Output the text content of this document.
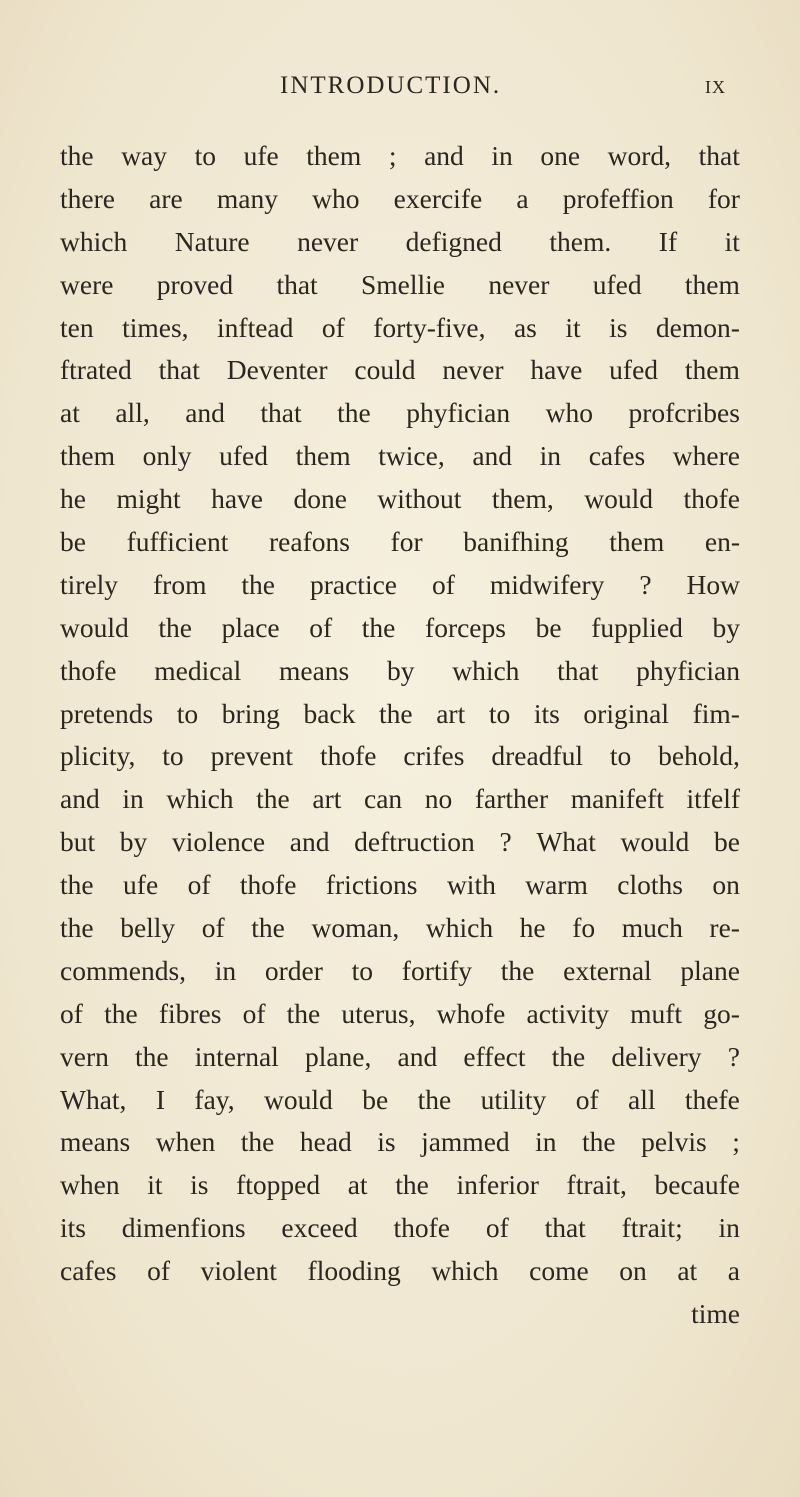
INTRODUCTION.	ix
the way to ufe them ; and in one word, that
there are many who exercife a profeffion for
which Nature never defigned them. If it
were proved that Smellie never ufed them
ten times, inftead of forty-five, as it is demon-
ftrated that Deventer could never have ufed them
at all, and that the phyfician who profcribes
them only ufed them twice, and in cafes where
he might have done without them, would thofe
be fufficient reafons for banifhing them en-
tirely from the practice of midwifery ? How
would the place of the forceps be fupplied by
thofe medical means by which that phyfician
pretends to bring back the art to its original fim-
plicity, to prevent thofe crifes dreadful to behold,
and in which the art can no farther manifeft itfelf
but by violence and deftruction ? What would be
the ufe of thofe frictions with warm cloths on
the belly of the woman, which he fo much re-
commends, in order to fortify the external plane
of the fibres of the uterus, whofe activity muft go-
vern the internal plane, and effect the delivery ?
What, I fay, would be the utility of all thefe
means when the head is jammed in the pelvis ;
when it is ftopped at the inferior ftrait, becaufe
its dimenfions exceed thofe of that ftrait; in
cafes of violent flooding which come on at a
time
